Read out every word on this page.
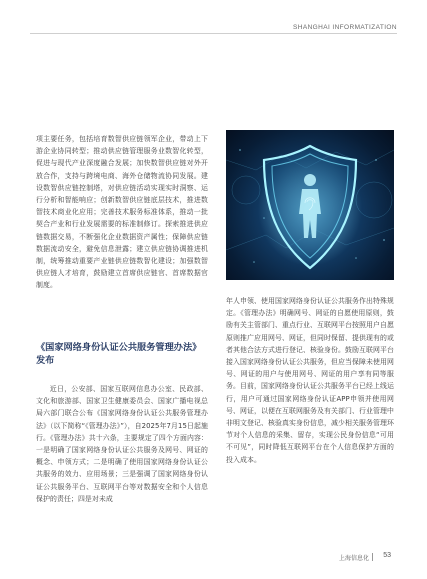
SHANGHAI INFORMATIZATION

项主要任务，包括培育数智供应链领军企业，带动上下游企业协同转型；推动供应链管理服务业数智化转型，促进与现代产业深度融合发展；加快数智供应链对外开放合作，支持与跨境电商、海外仓储物流协同发展。建设数智供应链控制塔，对供应链活动实现实时洞察、运行分析和智能响应；创新数智供应链底层技术，推进数智技术商业化应用；完善技术服务标准体系，推动一批契合产业和行业发展需要的标准制修订。探索推进供应链数据交易，不断强化企业数据资产属性；保障供应链数据流动安全，避免信息泄露；建立供应链协调推进机制，统筹推动重要产业链供应链数智化建设；加强数智供应链人才培育，鼓励建立首席供应链官、首席数据官制度。

《国家网络身份认证公共服务管理办法》发布

近日，公安部、国家互联网信息办公室、民政部、文化和旅游部、国家卫生健康委员会、国家广播电视总局六部门联合公布《国家网络身份认证公共服务管理办法》（以下简称“《管理办法》”），自2025年7月15日起施行。《管理办法》共十六条，主要规定了四个方面内容：一是明确了国家网络身份认证公共服务及网号、网证的概念、申领方式；二是明确了使用国家网络身份认证公共服务的效力、应用场景；三是强调了国家网络身份认证公共服务平台、互联网平台等对数据安全和个人信息保护的责任；四是对未成

年人申领、使用国家网络身份认证公共服务作出特殊规定。《管理办法》明确网号、网证的自愿使用原则，鼓励有关主管部门、重点行业、互联网平台按照用户自愿原则推广应用网号、网证，但同时保留、提供现有的或者其他合法方式进行登记、核验身份。鼓励互联网平台接入国家网络身份认证公共服务，但应当保障未使用网号、网证的用户与使用网号、网证的用户享有同等服务。目前，国家网络身份认证公共服务平台已经上线运行，用户可通过国家网络身份认证APP申领并使用网号、网证，以便在互联网服务及有关部门、行业管理中非明文登记、核验真实身份信息，减少相关服务管理环节对个人信息的采集、留存，实现公民身份信息“可用不可见”，同时降低互联网平台在个人信息保护方面的投入成本。

上海信息化 53
